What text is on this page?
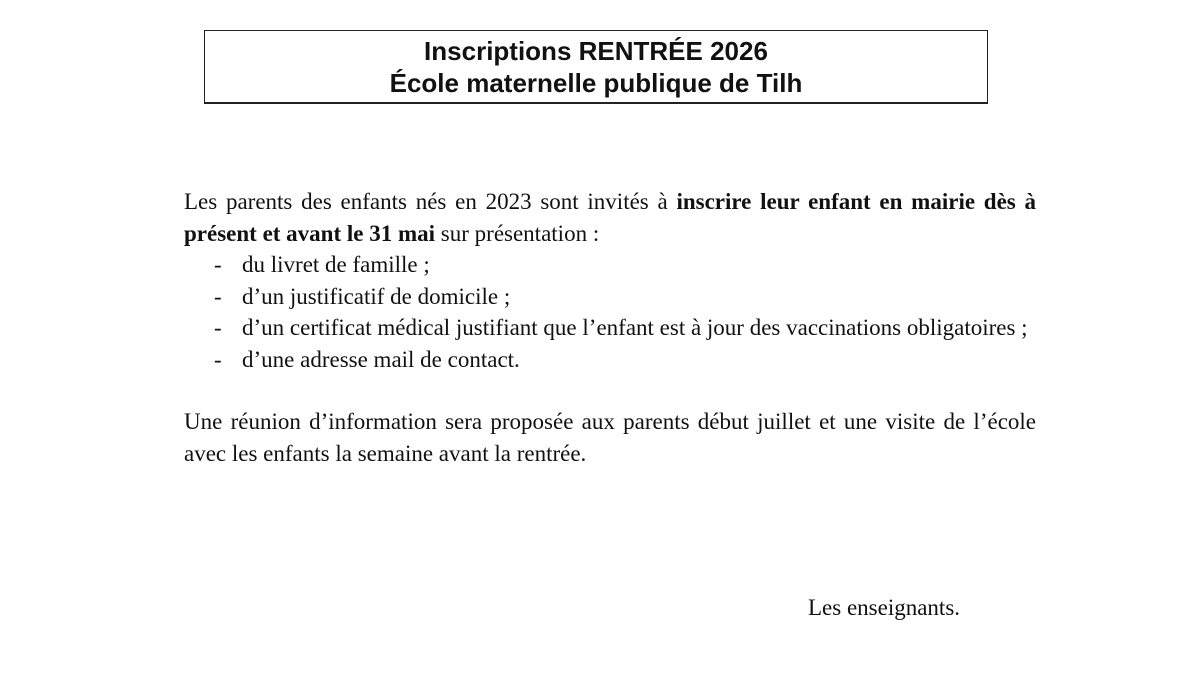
Inscriptions RENTRÉE 2026
École maternelle publique de Tilh

Les parents des enfants nés en 2023 sont invités à inscrire leur enfant en mairie dès à présent et avant le 31 mai sur présentation :

- du livret de famille ;
- d’un justificatif de domicile ;
- d’un certificat médical justifiant que l’enfant est à jour des vaccinations obligatoires ;
- d’une adresse mail de contact.

Une réunion d’information sera proposée aux parents début juillet et une visite de l’école avec les enfants la semaine avant la rentrée.

Les enseignants.
